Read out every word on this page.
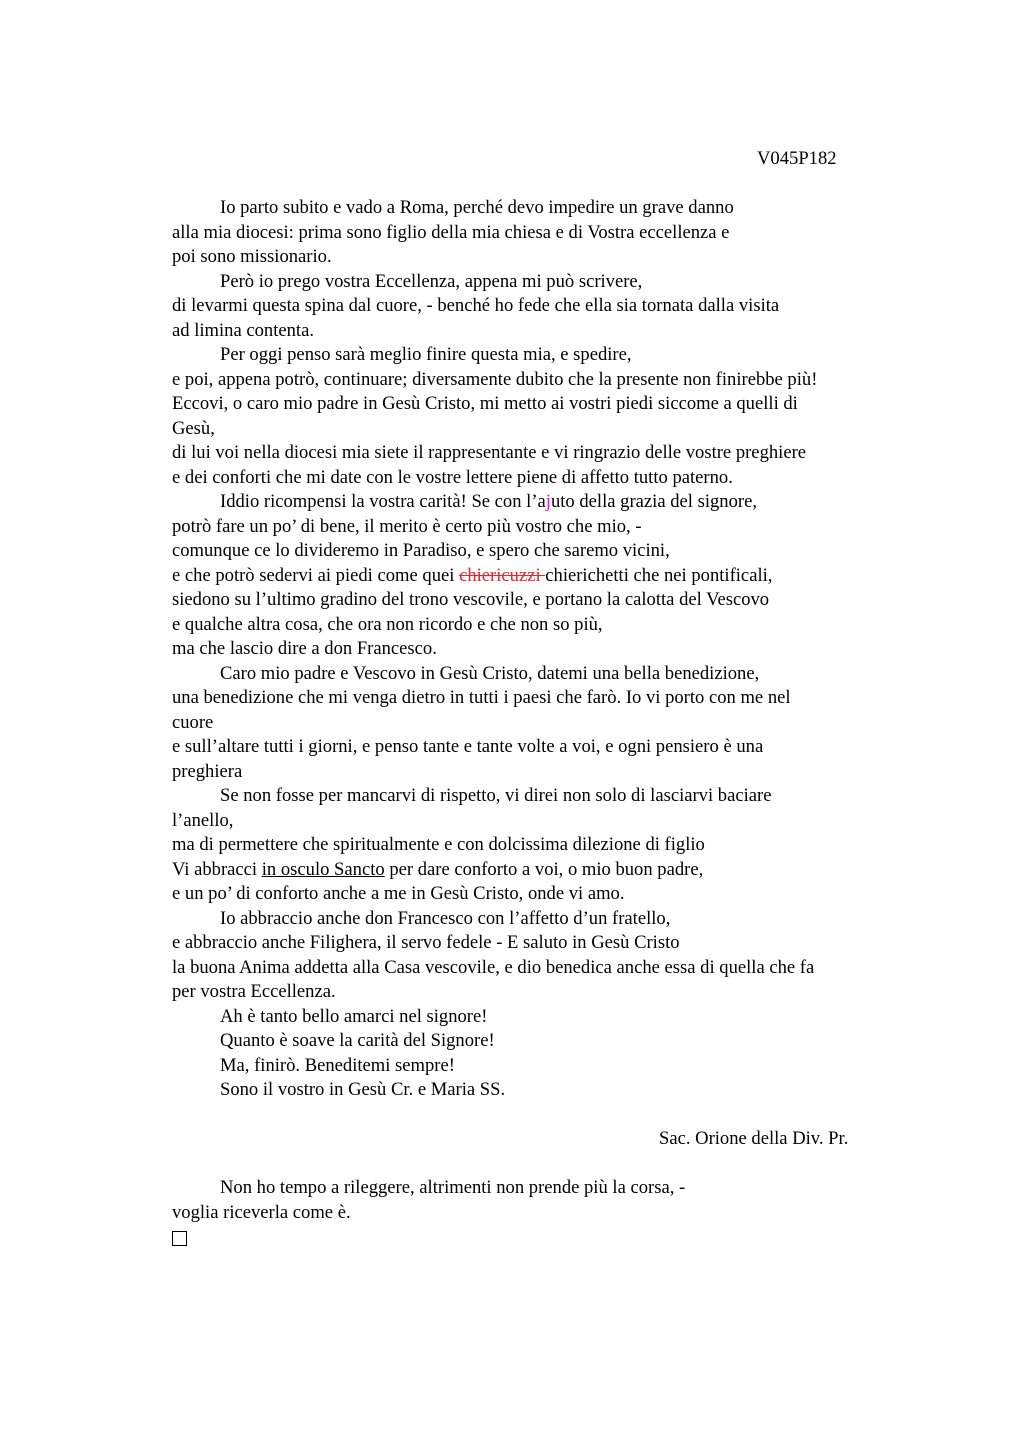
V045P182
Io parto subito e vado a Roma, perché devo impedire un grave danno
alla mia diocesi: prima sono figlio della mia chiesa e di Vostra eccellenza e
poi sono missionario.
Però io prego vostra Eccellenza, appena mi può scrivere,
di levarmi questa spina dal cuore, - benché ho fede che ella sia tornata dalla visita
ad limina contenta.
Per oggi penso sarà meglio finire questa mia, e spedire,
e poi, appena potrò, continuare; diversamente dubito che la presente non finirebbe più!
Eccovi, o caro mio padre in Gesù Cristo, mi metto ai vostri piedi siccome a quelli di
Gesù,
di lui voi nella diocesi mia siete il rappresentante e vi ringrazio delle vostre preghiere
e dei conforti che mi date con le vostre lettere piene di affetto tutto paterno.
Iddio ricompensi la vostra carità! Se con l’ajuto della grazia del signore,
potrò fare un po’ di bene, il merito è certo più vostro che mio, -
comunque ce lo divideremo in Paradiso, e spero che saremo vicini,
e che potrò sedervi ai piedi come quei chiericuzzi chierichetti che nei pontificali,
siedono su l’ultimo gradino del trono vescovile, e portano la calotta del Vescovo
e qualche altra cosa, che ora non ricordo e che non so più,
ma che lascio dire a don Francesco.
Caro mio padre e Vescovo in Gesù Cristo, datemi una bella benedizione,
una benedizione che mi venga dietro in tutti i paesi che farò. Io vi porto con me nel
cuore
e sull’altare tutti i giorni, e penso tante e tante volte a voi, e ogni pensiero è una
preghiera
Se non fosse per mancarvi di rispetto, vi direi non solo di lasciarvi baciare
l’anello,
ma di permettere che spiritualmente e con dolcissima dilezione di figlio
Vi abbracci in osculo Sancto per dare conforto a voi, o mio buon padre,
e un po’ di conforto anche a me in Gesù Cristo, onde vi amo.
Io abbraccio anche don Francesco con l’affetto d’un fratello,
e abbraccio anche Filighera, il servo fedele - E saluto in Gesù Cristo
la buona Anima addetta alla Casa vescovile, e dio benedica anche essa di quella che fa
per vostra Eccellenza.
Ah è tanto bello amarci nel signore!
Quanto è soave la carità del Signore!
Ma, finirò. Beneditemi sempre!
Sono il vostro in Gesù Cr. e Maria SS.
Sac. Orione della Div. Pr.
Non ho tempo a rileggere, altrimenti non prende più la corsa, -
voglia riceverla come è.
